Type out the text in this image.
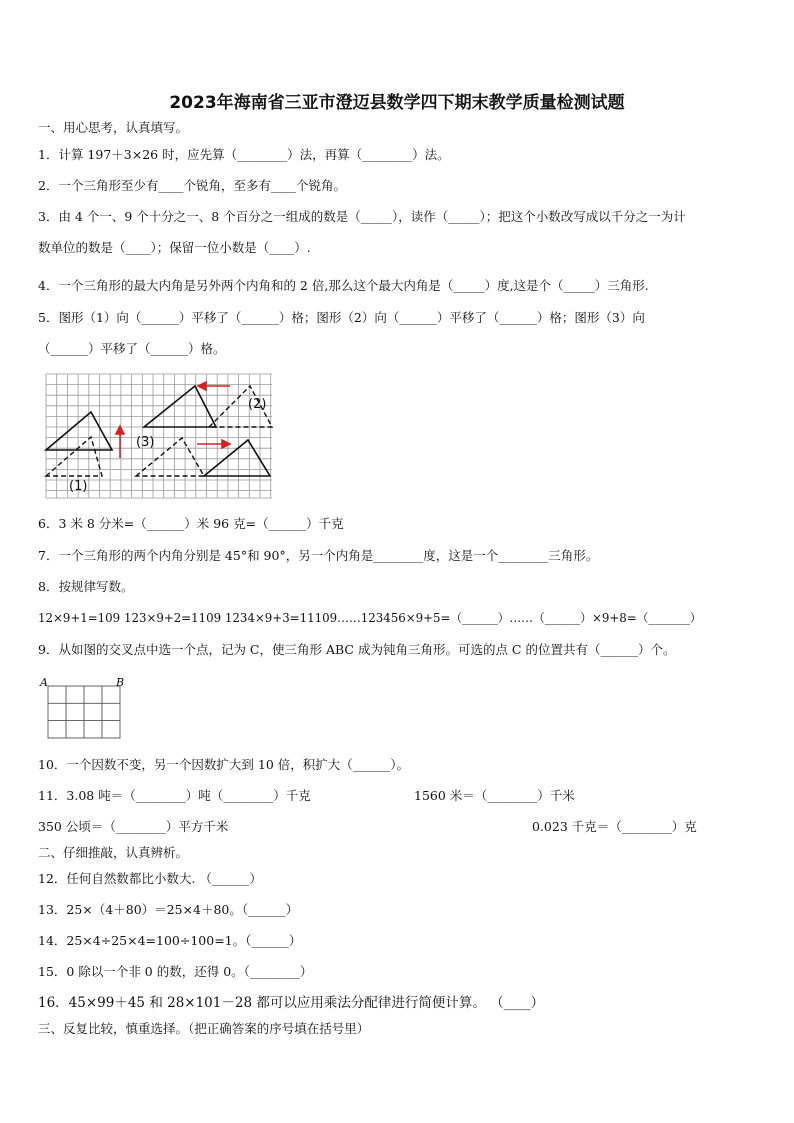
2023年海南省三亚市澄迈县数学四下期末教学质量检测试题
一、用心思考，认真填写。
1．计算 197＋3×26 时，应先算（________）法，再算（________）法。
2．一个三角形至少有____个锐角，至多有____个锐角。
3．由 4 个一、9 个十分之一、8 个百分之一组成的数是（_____），读作（_____）；把这个小数改写成以千分之一为计
数单位的数是（____）；保留一位小数是（____）.
4．一个三角形的最大内角是另外两个内角和的 2 倍,那么这个最大内角是（_____）度,这是个（_____）三角形.
5．图形（1）向（______）平移了（______）格；图形（2）向（______）平移了（______）格；图形（3）向
（______）平移了（______）格。
(1)
(2)
(3)
6．3 米 8 分米=（______）米 96 克=（______）千克
7．一个三角形的两个内角分别是 45°和 90°，另一个内角是________度，这是一个________三角形。
8．按规律写数。
12×9+1=109 123×9+2=1109 1234×9+3=11109……123456×9+5=（______）……（______）×9+8=（_______）
9．从如图的交叉点中选一个点，记为 C，使三角形 ABC 成为钝角三角形。可选的点 C 的位置共有（______）个。
A	B
10．一个因数不变，另一个因数扩大到 10 倍，积扩大（______）。
11．3.08 吨＝（________）吨（________）千克	1560 米＝（________）千米
350 公顷＝（________）平方千米	0.023 千克＝（________）克
二、仔细推敲，认真辨析。
12．任何自然数都比小数大. （______）
13．25×（4＋80）＝25×4＋80。（______）
14．25×4÷25×4=100÷100=1。（______）
15．0 除以一个非 0 的数，还得 0。（________）
16．45×99＋45 和 28×101－28 都可以应用乘法分配律进行简便计算。 （____）
三、反复比较，慎重选择。（把正确答案的序号填在括号里）
